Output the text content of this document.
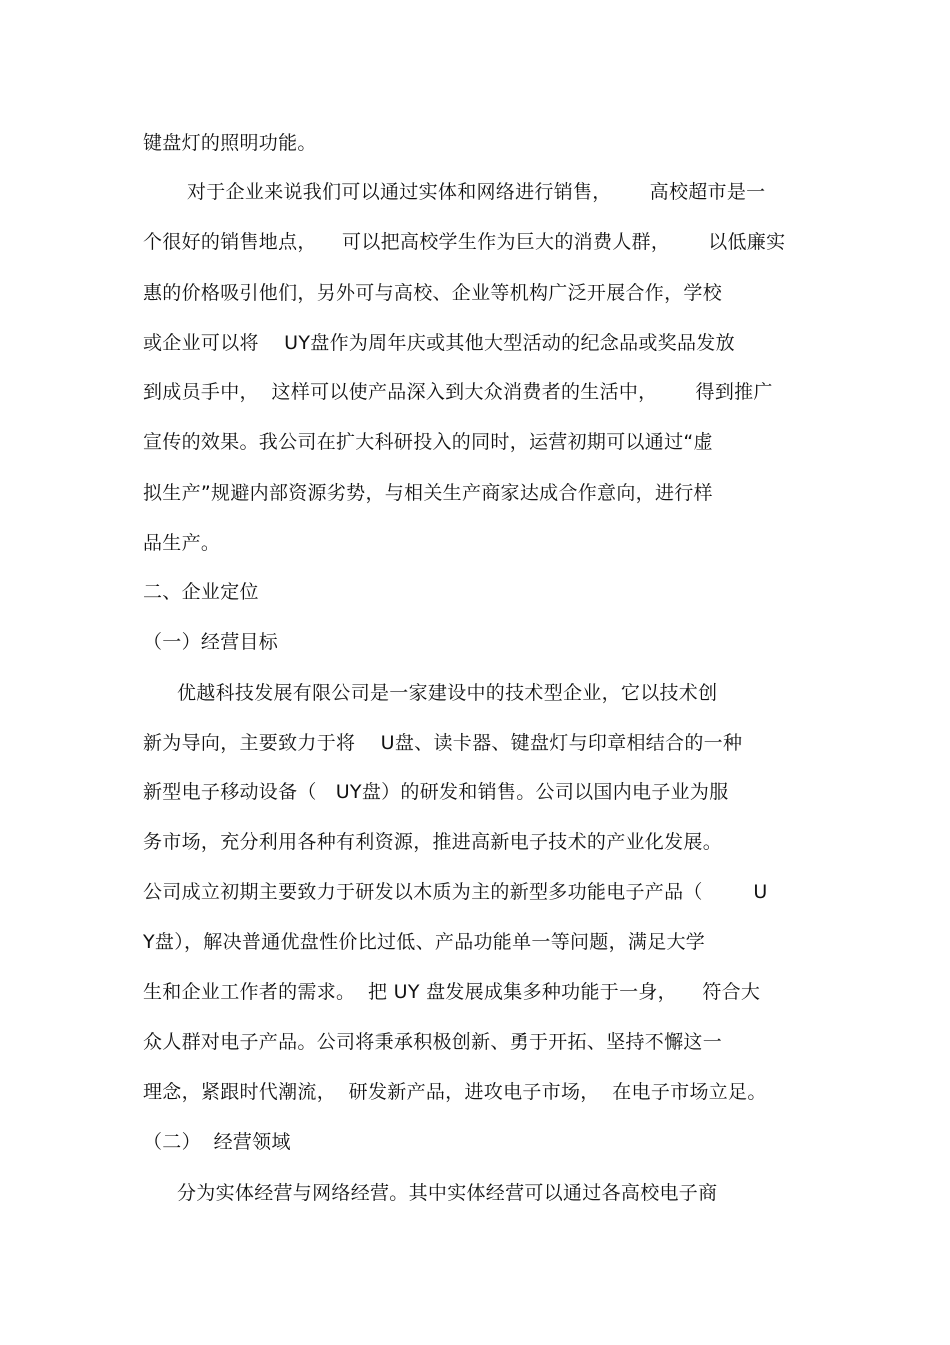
键盘灯的照明功能。
对于企业来说我们可以通过实体和网络进行销售，      高校超市是一
个很好的销售地点，    可以把高校学生作为巨大的消费人群，      以低廉实
惠的价格吸引他们，另外可与高校、企业等机构广泛开展合作，学校
或企业可以将    UY盘作为周年庆或其他大型活动的纪念品或奖品发放
到成员手中，  这样可以使产品深入到大众消费者的生活中，      得到推广
宣传的效果。我公司在扩大科研投入的同时，运营初期可以通过“虚
拟生产”规避内部资源劣势，与相关生产商家达成合作意向，进行样
品生产。
二、企业定位
（一）经营目标
优越科技发展有限公司是一家建设中的技术型企业，它以技术创
新为导向，主要致力于将    U盘、读卡器、键盘灯与印章相结合的一种
新型电子移动设备（   UY盘）的研发和销售。公司以国内电子业为服
务市场，充分利用各种有利资源，推进高新电子技术的产业化发展。
公司成立初期主要致力于研发以木质为主的新型多功能电子产品（        U
Y盘），解决普通优盘性价比过低、产品功能单一等问题，满足大学
生和企业工作者的需求。  把 UY 盘发展成集多种功能于一身，    符合大
众人群对电子产品。公司将秉承积极创新、勇于开拓、坚持不懈这一
理念，紧跟时代潮流，  研发新产品，进攻电子市场，  在电子市场立足。
（二）  经营领域
分为实体经营与网络经营。其中实体经营可以通过各高校电子商
